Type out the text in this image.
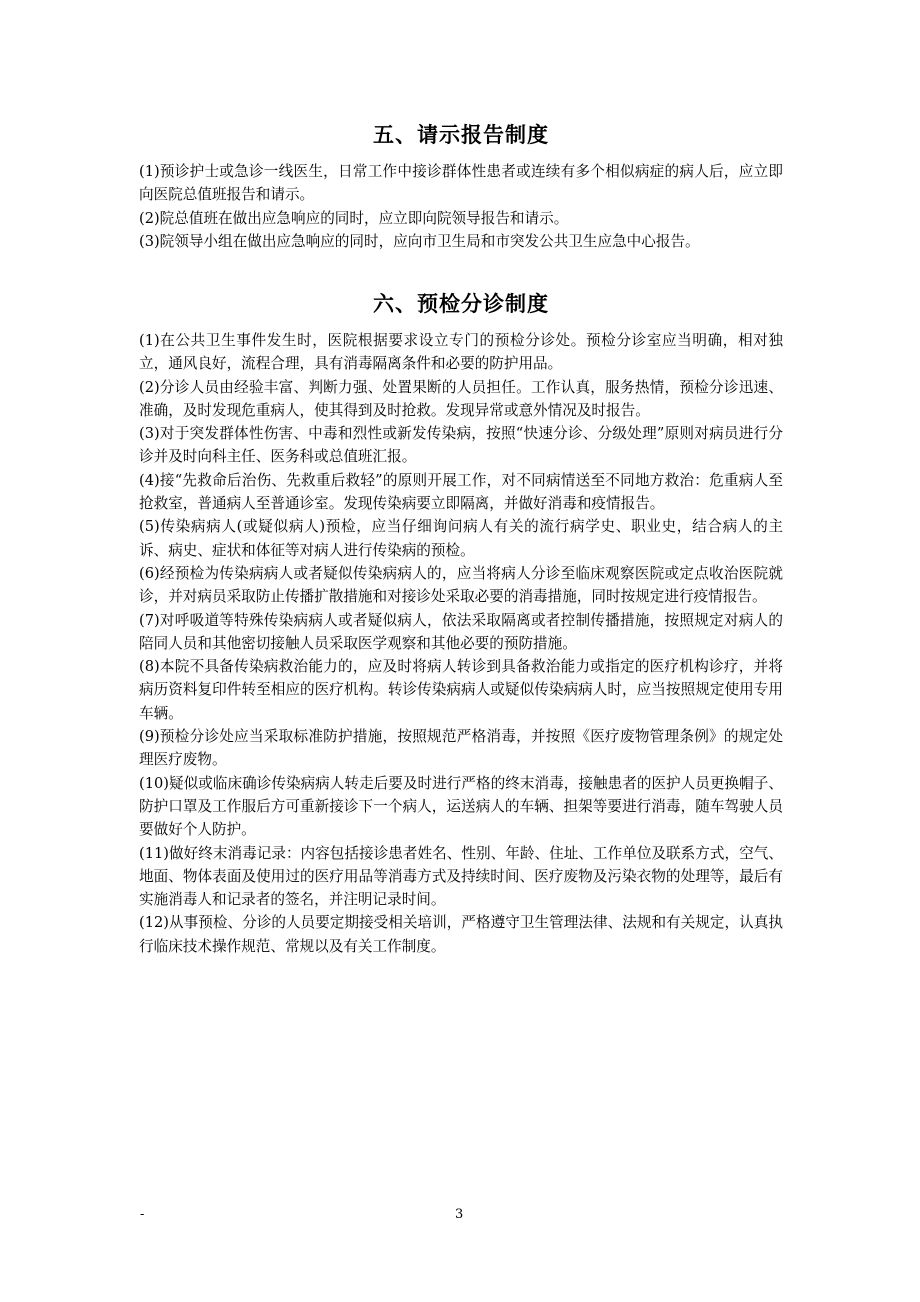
五、请示报告制度

(1)预诊护士或急诊一线医生，日常工作中接诊群体性患者或连续有多个相似病症的病人后，应立即向医院总值班报告和请示。

(2)院总值班在做出应急响应的同时，应立即向院领导报告和请示。

(3)院领导小组在做出应急响应的同时，应向市卫生局和市突发公共卫生应急中心报告。

六、预检分诊制度

(1)在公共卫生事件发生时，医院根据要求设立专门的预检分诊处。预检分诊室应当明确，相对独立，通风良好，流程合理，具有消毒隔离条件和必要的防护用品。

(2)分诊人员由经验丰富、判断力强、处置果断的人员担任。工作认真，服务热情，预检分诊迅速、准确，及时发现危重病人，使其得到及时抢救。发现异常或意外情况及时报告。

(3)对于突发群体性伤害、中毒和烈性或新发传染病，按照“快速分诊、分级处理”原则对病员进行分诊并及时向科主任、医务科或总值班汇报。

(4)接“先救命后治伤、先救重后救轻”的原则开展工作，对不同病情送至不同地方救治：危重病人至抢救室，普通病人至普通诊室。发现传染病要立即隔离，并做好消毒和疫情报告。

(5)传染病病人(或疑似病人)预检，应当仔细询问病人有关的流行病学史、职业史，结合病人的主诉、病史、症状和体征等对病人进行传染病的预检。

(6)经预检为传染病病人或者疑似传染病病人的，应当将病人分诊至临床观察医院或定点收治医院就诊，并对病员采取防止传播扩散措施和对接诊处采取必要的消毒措施，同时按规定进行疫情报告。

(7)对呼吸道等特殊传染病病人或者疑似病人，依法采取隔离或者控制传播措施，按照规定对病人的陪同人员和其他密切接触人员采取医学观察和其他必要的预防措施。

(8)本院不具备传染病救治能力的，应及时将病人转诊到具备救治能力或指定的医疗机构诊疗，并将病历资料复印件转至相应的医疗机构。转诊传染病病人或疑似传染病病人时，应当按照规定使用专用车辆。

(9)预检分诊处应当采取标准防护措施，按照规范严格消毒，并按照《医疗废物管理条例》的规定处理医疗废物。

(10)疑似或临床确诊传染病病人转走后要及时进行严格的终末消毒，接触患者的医护人员更换帽子、防护口罩及工作服后方可重新接诊下一个病人，运送病人的车辆、担架等要进行消毒，随车驾驶人员要做好个人防护。

(11)做好终末消毒记录：内容包括接诊患者姓名、性别、年龄、住址、工作单位及联系方式，空气、地面、物体表面及使用过的医疗用品等消毒方式及持续时间、医疗废物及污染衣物的处理等，最后有实施消毒人和记录者的签名，并注明记录时间。

(12)从事预检、分诊的人员要定期接受相关培训，严格遵守卫生管理法律、法规和有关规定，认真执行临床技术操作规范、常规以及有关工作制度。

-	3
